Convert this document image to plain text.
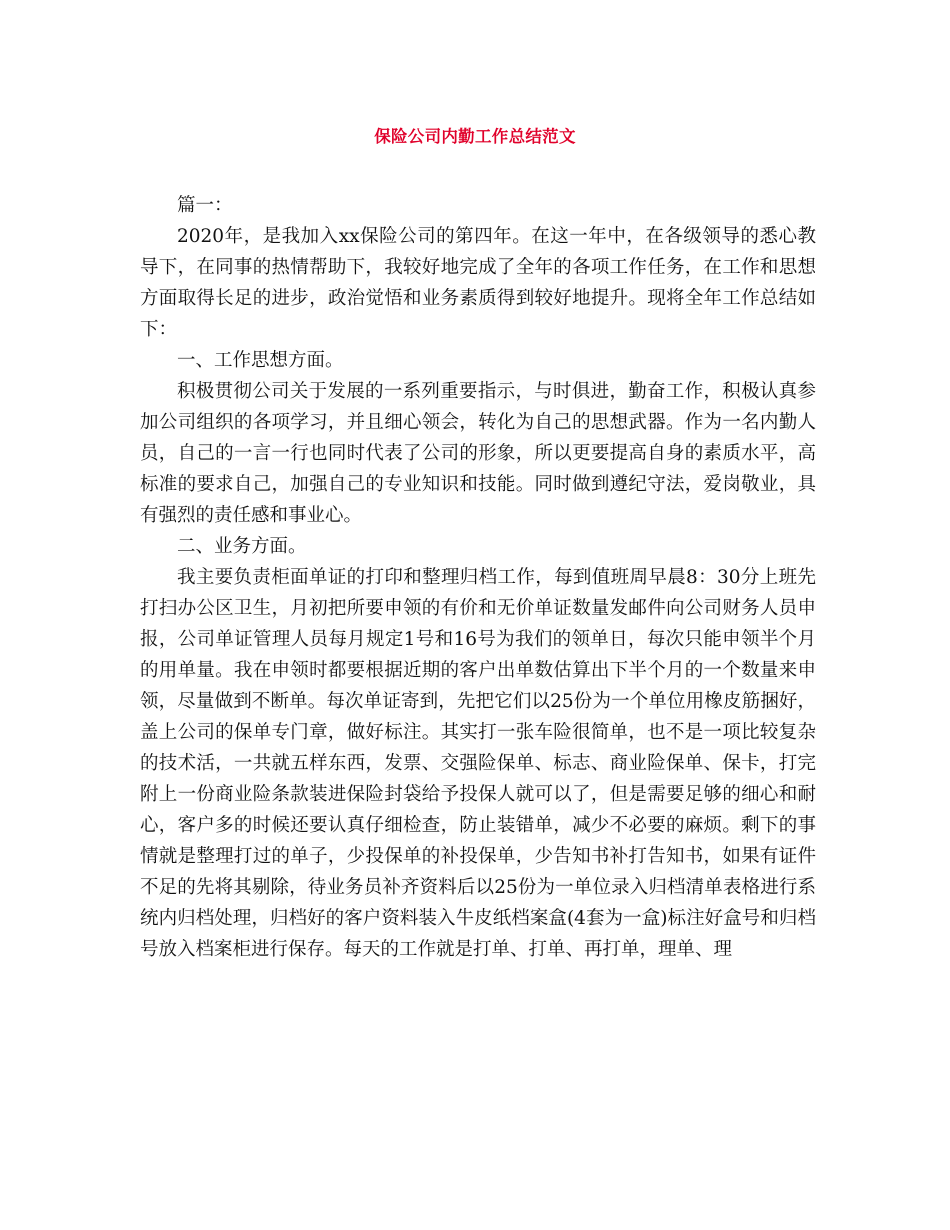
保险公司内勤工作总结范文

篇一：

2020年，是我加入xx保险公司的第四年。在这一年中，在各级领导的悉心教导下，在同事的热情帮助下，我较好地完成了全年的各项工作任务，在工作和思想方面取得长足的进步，政治觉悟和业务素质得到较好地提升。现将全年工作总结如下：

一、工作思想方面。

积极贯彻公司关于发展的一系列重要指示，与时俱进，勤奋工作，积极认真参加公司组织的各项学习，并且细心领会，转化为自己的思想武器。作为一名内勤人员，自己的一言一行也同时代表了公司的形象，所以更要提高自身的素质水平，高标准的要求自己，加强自己的专业知识和技能。同时做到遵纪守法，爱岗敬业，具有强烈的责任感和事业心。

二、业务方面。

我主要负责柜面单证的打印和整理归档工作，每到值班周早晨8：30分上班先打扫办公区卫生，月初把所要申领的有价和无价单证数量发邮件向公司财务人员申报，公司单证管理人员每月规定1号和16号为我们的领单日，每次只能申领半个月的用单量。我在申领时都要根据近期的客户出单数估算出下半个月的一个数量来申领，尽量做到不断单。每次单证寄到，先把它们以25份为一个单位用橡皮筋捆好，盖上公司的保单专门章，做好标注。其实打一张车险很简单，也不是一项比较复杂的技术活，一共就五样东西，发票、交强险保单、标志、商业险保单、保卡，打完附上一份商业险条款装进保险封袋给予投保人就可以了，但是需要足够的细心和耐心，客户多的时候还要认真仔细检查，防止装错单，减少不必要的麻烦。剩下的事情就是整理打过的单子，少投保单的补投保单，少告知书补打告知书，如果有证件不足的先将其剔除，待业务员补齐资料后以25份为一单位录入归档清单表格进行系统内归档处理，归档好的客户资料装入牛皮纸档案盒(4套为一盒)标注好盒号和归档号放入档案柜进行保存。每天的工作就是打单、打单、再打单，理单、理
